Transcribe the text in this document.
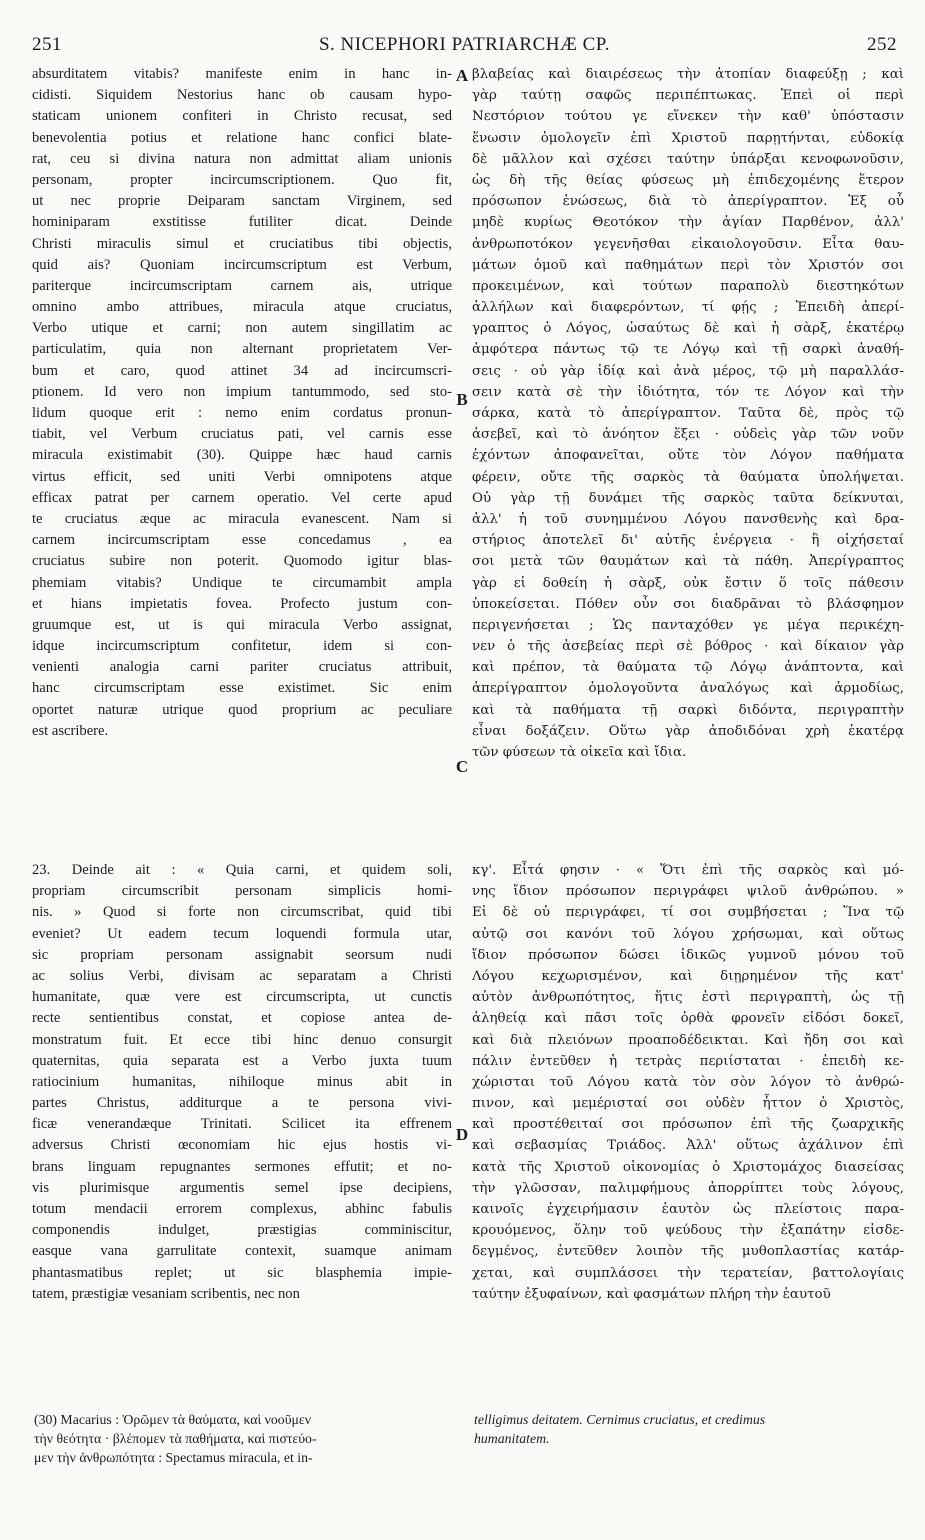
251	S. NICEPHORI PATRIARCHÆ CP.	252
absurditatem vitabis? manifeste enim in hanc in-
cidisti. Siquidem Nestorius hanc ob causam hypo-
staticam unionem confiteri in Christo recusat, sed
benevolentia potius et relatione hanc confici blate-
rat, ceu si divina natura non admittat aliam unionis
personam, propter incircumscriptionem. Quo fit,
ut nec proprie Deiparam sanctam Virginem, sed
hominiparam exstitisse futiliter dicat. Deinde
Christi miraculis simul et cruciatibus tibi objectis,
quid ais? Quoniam incircumscriptum est Verbum,
pariterque incircumscriptam carnem ais, utrique
omnino ambo attribues, miracula atque cruciatus,
Verbo utique et carni; non autem singillatim ac
particulatim, quia non alternant proprietatem Ver-
bum et caro, quod attinet 34 ad incircumscri-
ptionem. Id vero non impium tantummodo, sed sto-
lidum quoque erit : nemo enim cordatus pronun-
tiabit, vel Verbum cruciatus pati, vel carnis esse
miracula existimabit (30). Quippe hæc haud carnis
virtus efficit, sed uniti Verbi omnipotens atque
efficax patrat per carnem operatio. Vel certe apud
te cruciatus æque ac miracula evanescent. Nam si
carnem incircumscriptam esse concedamus , ea
cruciatus subire non poterit. Quomodo igitur blas-
phemiam vitabis? Undique te circumambit ampla
et hians impietatis fovea. Profecto justum con-
gruumque est, ut is qui miracula Verbo assignat,
idque incircumscriptum confitetur, idem si con-
venienti analogia carni pariter cruciatus attribuit,
hanc circumscriptam esse existimet. Sic enim
oportet naturæ utrique quod proprium ac peculiare
est ascribere.
βλαβείας καὶ διαιρέσεως τὴν ἀτοπίαν διαφεύξῃ ; καὶ
γὰρ ταύτῃ σαφῶς περιπέπτωκας. Ἐπεὶ οἱ περὶ
Νεστόριον τούτου γε εἵνεκεν τὴν καθ' ὑπόστασιν
ἕνωσιν ὁμολογεῖν ἐπὶ Χριστοῦ παρῃτήνται, εὐδοκίᾳ
δὲ μᾶλλον καὶ σχέσει ταύτην ὑπάρξαι κενοφωνοῦσιν,
ὡς δὴ τῆς θείας φύσεως μὴ ἐπιδεχομένης ἕτερον
πρόσωπον ἑνώσεως, διὰ τὸ ἀπερίγραπτον. Ἐξ οὗ
μηδὲ κυρίως Θεοτόκον τὴν ἁγίαν Παρθένον, ἀλλ'
ἀνθρωποτόκον γεγενῆσθαι εἰκαιολογοῦσιν. Εἶτα θαυ-
μάτων ὁμοῦ καὶ παθημάτων περὶ τὸν Χριστόν σοι
προκειμένων, καὶ τούτων παραπολὺ διεστηκότων
ἀλλήλων καὶ διαφερόντων, τί φῄς ; Ἐπειδὴ ἀπερί-
γραπτος ὁ Λόγος, ὡσαύτως δὲ καὶ ἡ σὰρξ, ἑκατέρῳ
ἀμφότερα πάντως τῷ τε Λόγῳ καὶ τῇ σαρκὶ ἀναθή-
σεις · οὐ γὰρ ἰδίᾳ καὶ ἀνὰ μέρος, τῷ μὴ παραλλάσ-
σειν κατὰ σὲ τὴν ἰδιότητα, τόν τε Λόγον καὶ τὴν
σάρκα, κατὰ τὸ ἀπερίγραπτον. Ταῦτα δὲ, πρὸς τῷ
ἀσεβεῖ, καὶ τὸ ἀνόητον ἕξει · οὐδεὶς γὰρ τῶν νοῦν
ἐχόντων ἀποφανεῖται, οὔτε τὸν Λόγον παθήματα
φέρειν, οὔτε τῆς σαρκὸς τὰ θαύματα ὑπολήψεται.
Οὐ γὰρ τῇ δυνάμει τῆς σαρκὸς ταῦτα δείκνυται,
ἀλλ' ἡ τοῦ συνημμένου Λόγου πανσθενὴς καὶ δρα-
στήριος ἀποτελεῖ δι' αὐτῆς ἐνέργεια · ἢ οἰχήσεταί
σοι μετὰ τῶν θαυμάτων καὶ τὰ πάθη. Ἀπερίγραπτος
γὰρ εἰ δοθείη ἡ σὰρξ, οὐκ ἔστιν ὅ τοῖς πάθεσιν
ὑποκείσεται. Πόθεν οὖν σοι διαδρᾶναι τὸ βλάσφημον
περιγενήσεται ; Ὡς πανταχόθεν γε μέγα περικέχη-
νεν ὁ τῆς ἀσεβείας περὶ σὲ βόθρος · καὶ δίκαιον γὰρ
καὶ πρέπον, τὰ θαύματα τῷ Λόγῳ ἀνάπτοντα, καὶ
ἀπερίγραπτον ὁμολογοῦντα ἀναλόγως καὶ ἁρμοδίως,
καὶ τὰ παθήματα τῇ σαρκὶ διδόντα, περιγραπτὴν
εἶναι δοξάζειν. Οὕτω γὰρ ἀποδιδόναι χρὴ ἑκατέρᾳ
τῶν φύσεων τὰ οἰκεῖα καὶ ἴδια.
A
B
C
D
23. Deinde ait : « Quia carni, et quidem soli,
propriam circumscribit personam simplicis homi-
nis. » Quod si forte non circumscribat, quid tibi
eveniet? Ut eadem tecum loquendi formula utar,
sic propriam personam assignabit seorsum nudi
ac solius Verbi, divisam ac separatam a Christi
humanitate, quæ vere est circumscripta, ut cunctis
recte sentientibus constat, et copiose antea de-
monstratum fuit. Et ecce tibi hinc denuo consurgit
quaternitas, quia separata est a Verbo juxta tuum
ratiocinium humanitas, nihiloque minus abit in
partes Christus, additurque a te persona vivi-
ficæ venerandæque Trinitati. Scilicet ita effrenem
adversus Christi œconomiam hic ejus hostis vi-
brans linguam repugnantes sermones effutit; et no-
vis plurimisque argumentis semel ipse decipiens,
totum mendacii errorem complexus, abhinc fabulis
componendis indulget, præstigias comminiscitur,
easque vana garrulitate contexit, suamque animam
phantasmatibus replet; ut sic blasphemia impie-
tatem, præstigiæ vesaniam scribentis, nec non
κγ'. Εἶτά φησιν · « Ὅτι ἐπὶ τῆς σαρκὸς καὶ μό-
νης ἴδιον πρόσωπον περιγράφει ψιλοῦ ἀνθρώπου. »
Εἰ δὲ οὐ περιγράφει, τί σοι συμβήσεται ; Ἵνα τῷ
αὐτῷ σοι κανόνι τοῦ λόγου χρήσωμαι, καὶ οὕτως
ἴδιον πρόσωπον δώσει ἰδικῶς γυμνοῦ μόνου τοῦ
Λόγου κεχωρισμένον, καὶ διῃρημένον τῆς κατ'
αὐτὸν ἀνθρωπότητος, ἥτις ἐστὶ περιγραπτὴ, ὡς τῇ
ἀληθείᾳ καὶ πᾶσι τοῖς ὀρθὰ φρονεῖν εἰδόσι δοκεῖ,
καὶ διὰ πλειόνων προαποδέδεικται. Καὶ ἤδη σοι καὶ
πάλιν ἐντεῦθεν ἡ τετρὰς περιίσταται · ἐπειδὴ κε-
χώρισται τοῦ Λόγου κατὰ τὸν σὸν λόγον τὸ ἀνθρώ-
πινον, καὶ μεμέρισταί σοι οὐδὲν ἧττον ὁ Χριστὸς,
καὶ προστέθειταί σοι πρόσωπον ἐπὶ τῆς ζωαρχικῆς
καὶ σεβασμίας Τριάδος. Ἀλλ' οὕτως ἀχάλινον ἐπὶ
κατὰ τῆς Χριστοῦ οἰκονομίας ὁ Χριστομάχος διασείσας
τὴν γλῶσσαν, παλιμφήμους ἀπορρίπτει τοὺς λόγους,
καινοῖς ἐγχειρήμασιν ἑαυτὸν ὡς πλείστοις παρα-
κρουόμενος, ὅλην τοῦ ψεύδους τὴν ἐξαπάτην εἰσδε-
δεγμένος, ἐντεῦθεν λοιπὸν τῆς μυθοπλαστίας κατάρ-
χεται, καὶ συμπλάσσει τὴν τερατείαν, βαττολογίαις
ταύτην ἐξυφαίνων, καὶ φασμάτων πλήρη τὴν ἑαυτοῦ
(30) Macarius : Ὁρῶμεν τὰ θαύματα, καὶ νοοῦμεν
τὴν θεότητα · βλέπομεν τὰ παθήματα, καὶ πιστεύο-
μεν τὴν ἀνθρωπότητα : Spectamus miracula, et in-
telligimus deitatem. Cernimus cruciatus, et credimus
humanitatem.
